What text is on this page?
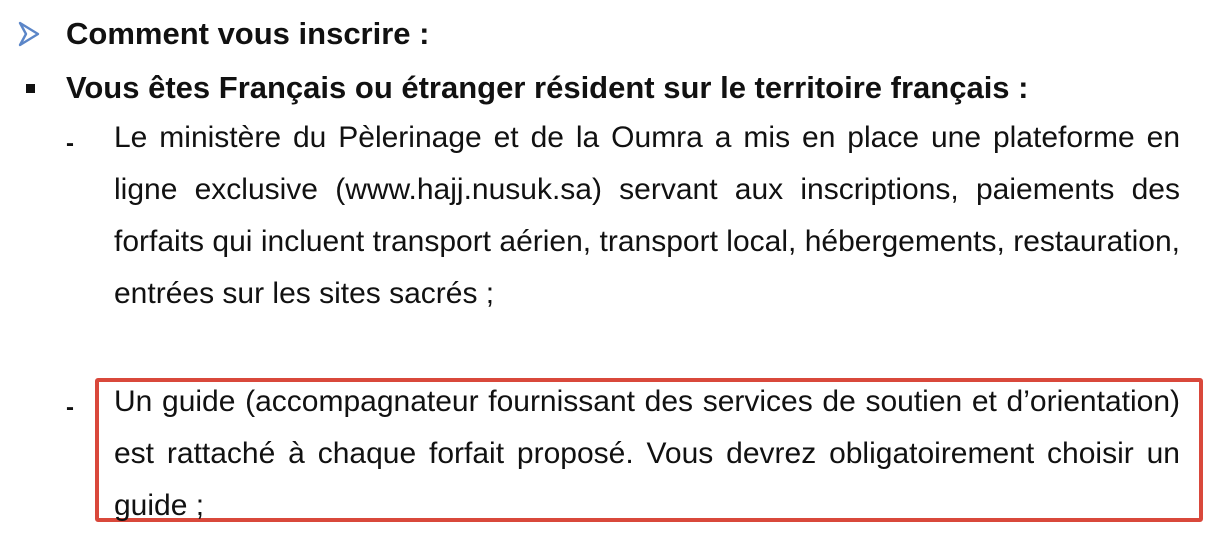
Comment vous inscrire :
Vous êtes Français ou étranger résident sur le territoire français :
- Le ministère du Pèlerinage et de la Oumra a mis en place une plateforme en ligne exclusive (www.hajj.nusuk.sa) servant aux inscriptions, paiements des forfaits qui incluent transport aérien, transport local, hébergements, restauration, entrées sur les sites sacrés ;
- Un guide (accompagnateur fournissant des services de soutien et d’orientation) est rattaché à chaque forfait proposé. Vous devrez obligatoirement choisir un guide ;
